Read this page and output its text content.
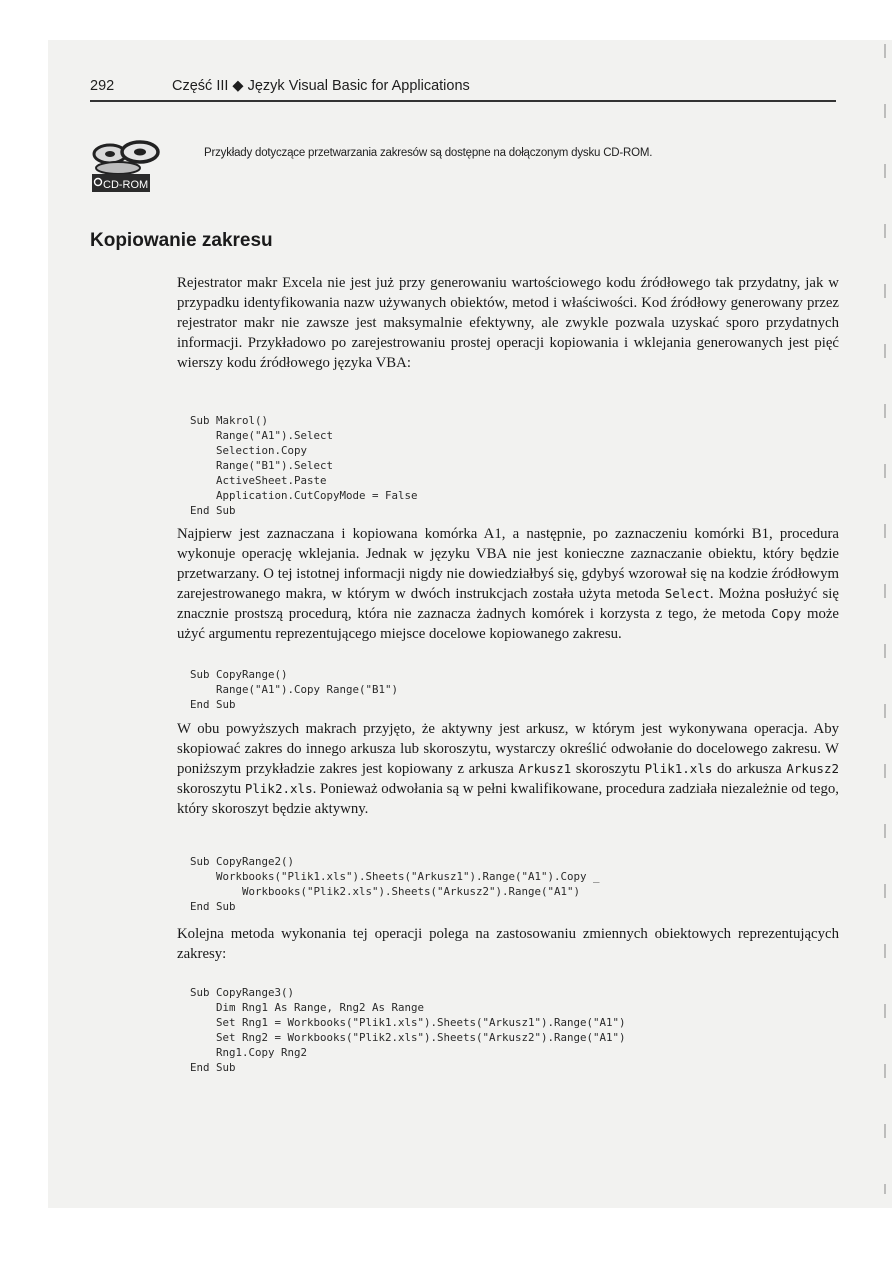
292	Część III ◆ Język Visual Basic for Applications
CD-ROM
Przykłady dotyczące przetwarzania zakresów są dostępne na dołączonym dysku CD-ROM.
Kopiowanie zakresu

Rejestrator makr Excela nie jest już przy generowaniu wartościowego kodu źródłowego tak przydatny, jak w przypadku identyfikowania nazw używanych obiektów, metod i właściwości. Kod źródłowy generowany przez rejestrator makr nie zawsze jest maksymalnie efektywny, ale zwykle pozwala uzyskać sporo przydatnych informacji. Przykładowo po zarejestrowaniu prostej operacji kopiowania i wklejania generowanych jest pięć wierszy kodu źródłowego języka VBA:

Sub Makrol()
Range("A1").Select
Selection.Copy
Range("B1").Select
ActiveSheet.Paste
Application.CutCopyMode = False
End Sub

Najpierw jest zaznaczana i kopiowana komórka A1, a następnie, po zaznaczeniu komórki B1, procedura wykonuje operację wklejania. Jednak w języku VBA nie jest konieczne zaznaczanie obiektu, który będzie przetwarzany. O tej istotnej informacji nigdy nie dowiedziałbyś się, gdybyś wzorował się na kodzie źródłowym zarejestrowanego makra, w którym w dwóch instrukcjach została użyta metoda Select. Można posłużyć się znacznie prostszą procedurą, która nie zaznacza żadnych komórek i korzysta z tego, że metoda Copy może użyć argumentu reprezentującego miejsce docelowe kopiowanego zakresu.

Sub CopyRange()
Range("A1").Copy Range("B1")
End Sub

W obu powyższych makrach przyjęto, że aktywny jest arkusz, w którym jest wykonywana operacja. Aby skopiować zakres do innego arkusza lub skoroszytu, wystarczy określić odwołanie do docelowego zakresu. W poniższym przykładzie zakres jest kopiowany z arkusza Arkusz1 skoroszytu Plik1.xls do arkusza Arkusz2 skoroszytu Plik2.xls. Ponieważ odwołania są w pełni kwalifikowane, procedura zadziała niezależnie od tego, który skoroszyt będzie aktywny.

Sub CopyRange2()
Workbooks("Plik1.xls").Sheets("Arkusz1").Range("A1").Copy _
Workbooks("Plik2.xls").Sheets("Arkusz2").Range("A1")
End Sub

Kolejna metoda wykonania tej operacji polega na zastosowaniu zmiennych obiektowych reprezentujących zakresy:

Sub CopyRange3()
Dim Rng1 As Range, Rng2 As Range
Set Rng1 = Workbooks("Plik1.xls").Sheets("Arkusz1").Range("A1")
Set Rng2 = Workbooks("Plik2.xls").Sheets("Arkusz2").Range("A1")
Rng1.Copy Rng2
End Sub
